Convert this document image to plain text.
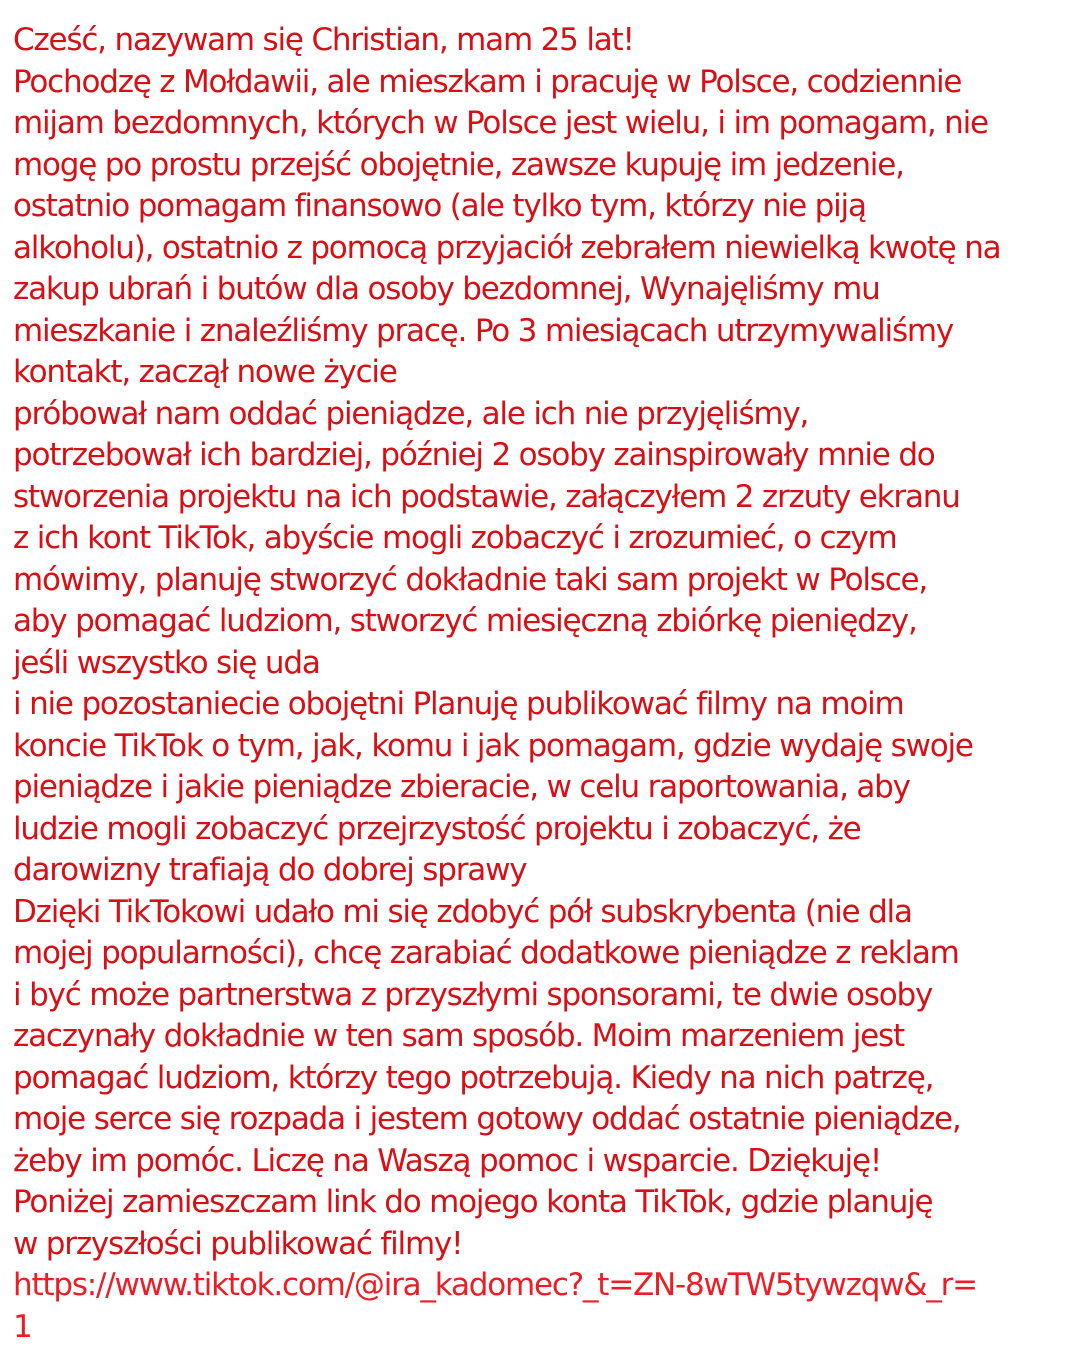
Cześć, nazywam się Christian, mam 25 lat!
Pochodzę z Mołdawii, ale mieszkam i pracuję w Polsce, codziennie
mijam bezdomnych, których w Polsce jest wielu, i im pomagam, nie
mogę po prostu przejść obojętnie, zawsze kupuję im jedzenie,
ostatnio pomagam finansowo (ale tylko tym, którzy nie piją
alkoholu), ostatnio z pomocą przyjaciół zebrałem niewielką kwotę na
zakup ubrań i butów dla osoby bezdomnej, Wynajęliśmy mu
mieszkanie i znaleźliśmy pracę. Po 3 miesiącach utrzymywaliśmy
kontakt, zaczął nowe życie
próbował nam oddać pieniądze, ale ich nie przyjęliśmy,
potrzebował ich bardziej, później 2 osoby zainspirowały mnie do
stworzenia projektu na ich podstawie, załączyłem 2 zrzuty ekranu
z ich kont TikTok, abyście mogli zobaczyć i zrozumieć, o czym
mówimy, planuję stworzyć dokładnie taki sam projekt w Polsce,
aby pomagać ludziom, stworzyć miesięczną zbiórkę pieniędzy,
jeśli wszystko się uda
i nie pozostaniecie obojętni Planuję publikować filmy na moim
koncie TikTok o tym, jak, komu i jak pomagam, gdzie wydaję swoje
pieniądze i jakie pieniądze zbieracie, w celu raportowania, aby
ludzie mogli zobaczyć przejrzystość projektu i zobaczyć, że
darowizny trafiają do dobrej sprawy
Dzięki TikTokowi udało mi się zdobyć pół subskrybenta (nie dla
mojej popularności), chcę zarabiać dodatkowe pieniądze z reklam
i być może partnerstwa z przyszłymi sponsorami, te dwie osoby
zaczynały dokładnie w ten sam sposób. Moim marzeniem jest
pomagać ludziom, którzy tego potrzebują. Kiedy na nich patrzę,
moje serce się rozpada i jestem gotowy oddać ostatnie pieniądze,
żeby im pomóc. Liczę na Waszą pomoc i wsparcie. Dziękuję!
Poniżej zamieszczam link do mojego konta TikTok, gdzie planuję
w przyszłości publikować filmy!
https://www.tiktok.com/@ira_kadomec?_t=ZN-8wTW5tywzqw&_r=
1
